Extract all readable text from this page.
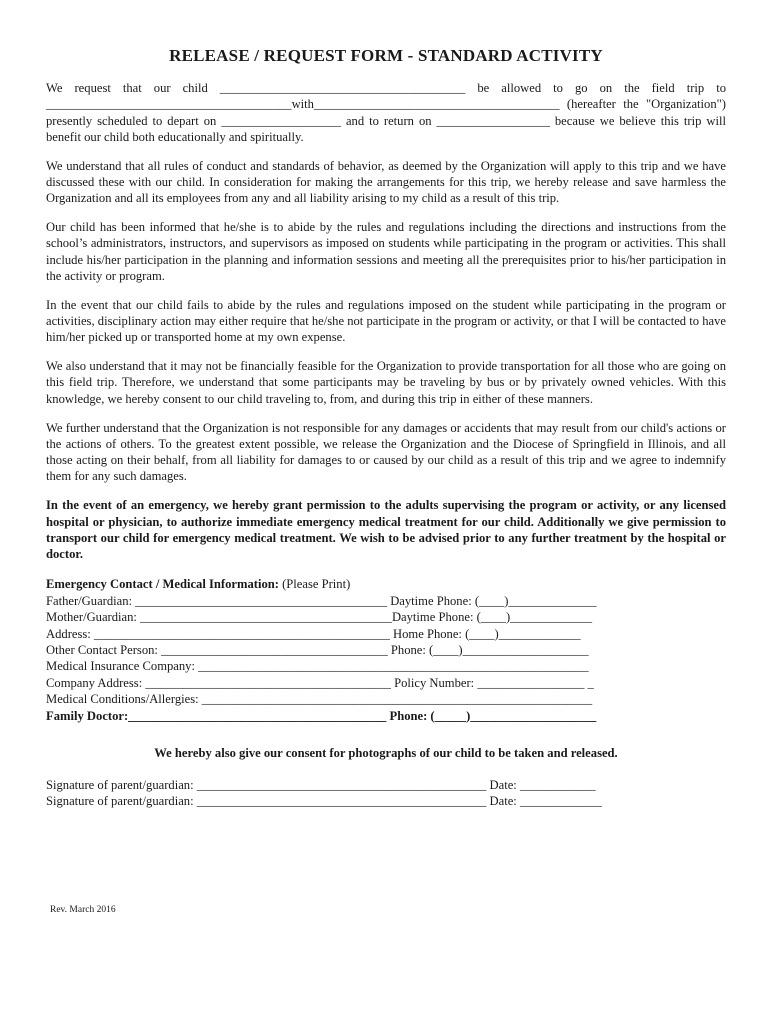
RELEASE / REQUEST FORM - STANDARD ACTIVITY

We request that our child _______________________________________ be allowed to go on the field trip to _______________________________________with_______________________________________ (hereafter the "Organization") presently scheduled to depart on ___________________ and to return on __________________ because we believe this trip will benefit our child both educationally and spiritually.

We understand that all rules of conduct and standards of behavior, as deemed by the Organization will apply to this trip and we have discussed these with our child. In consideration for making the arrangements for this trip, we hereby release and save harmless the Organization and all its employees from any and all liability arising to my child as a result of this trip.

Our child has been informed that he/she is to abide by the rules and regulations including the directions and instructions from the school’s administrators, instructors, and supervisors as imposed on students while participating in the program or activities. This shall include his/her participation in the planning and information sessions and meeting all the prerequisites prior to his/her participation in the activity or program.

In the event that our child fails to abide by the rules and regulations imposed on the student while participating in the program or activities, disciplinary action may either require that he/she not participate in the program or activity, or that I will be contacted to have him/her picked up or transported home at my own expense.

We also understand that it may not be financially feasible for the Organization to provide transportation for all those who are going on this field trip. Therefore, we understand that some participants may be traveling by bus or by privately owned vehicles. With this knowledge, we hereby consent to our child traveling to, from, and during this trip in either of these manners.

We further understand that the Organization is not responsible for any damages or accidents that may result from our child's actions or the actions of others. To the greatest extent possible, we release the Organization and the Diocese of Springfield in Illinois, and all those acting on their behalf, from all liability for damages to or caused by our child as a result of this trip and we agree to indemnify them for any such damages.

In the event of an emergency, we hereby grant permission to the adults supervising the program or activity, or any licensed hospital or physician, to authorize immediate emergency medical treatment for our child. Additionally we give permission to transport our child for emergency medical treatment. We wish to be advised prior to any further treatment by the hospital or doctor.

Emergency Contact / Medical Information: (Please Print)
Father/Guardian: ________________________________________ Daytime Phone: (____)______________
Mother/Guardian: ________________________________________Daytime Phone: (____)_____________
Address: _______________________________________________ Home Phone: (____)_____________
Other Contact Person: ____________________________________ Phone: (____)____________________
Medical Insurance Company: ______________________________________________________________
Company Address: _______________________________________ Policy Number: _________________ _
Medical Conditions/Allergies: ______________________________________________________________
Family Doctor:_________________________________________ Phone: (_____)____________________
We hereby also give our consent for photographs of our child to be taken and released.
Signature of parent/guardian: ______________________________________________ Date: ____________
Signature of parent/guardian: ______________________________________________ Date: _____________
Rev. March 2016
